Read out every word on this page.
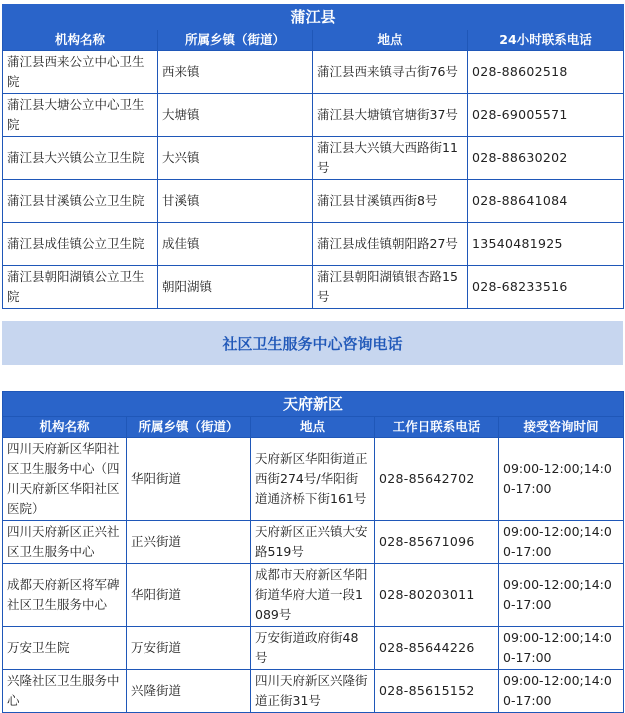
蒲江县			
机构名称	所属乡镇（街道）	地点	24小时联系电话
蒲江县西来公立中心卫生院	西来镇	蒲江县西来镇寻古街76号	028-88602518
蒲江县大塘公立中心卫生院	大塘镇	蒲江县大塘镇官塘街37号	028-69005571
蒲江县大兴镇公立卫生院	大兴镇	蒲江县大兴镇大西路街11号	028-88630202
蒲江县甘溪镇公立卫生院	甘溪镇	蒲江县甘溪镇西街8号	028-88641084
蒲江县成佳镇公立卫生院	成佳镇	蒲江县成佳镇朝阳路27号	13540481925
蒲江县朝阳湖镇公立卫生院	朝阳湖镇	蒲江县朝阳湖镇银杏路15号	028-68233516
社区卫生服务中心咨询电话
天府新区				
机构名称	所属乡镇（街道）	地点	工作日联系电话	接受咨询时间
四川天府新区华阳社区卫生服务中心（四川天府新区华阳社区医院）	华阳街道	天府新区华阳街道正西街274号/华阳街道通济桥下街161号	028-85642702	09:00-12:00;14:00-17:00
四川天府新区正兴社区卫生服务中心	正兴街道	天府新区正兴镇大安路519号	028-85671096	09:00-12:00;14:00-17:00
成都天府新区将军碑社区卫生服务中心	华阳街道	成都市天府新区华阳街道华府大道一段1089号	028-80203011	09:00-12:00;14:00-17:00
万安卫生院	万安街道	万安街道政府街48号	028-85644226	09:00-12:00;14:00-17:00
兴隆社区卫生服务中心	兴隆街道	四川天府新区兴隆街道正街31号	028-85615152	09:00-12:00;14:00-17:00
